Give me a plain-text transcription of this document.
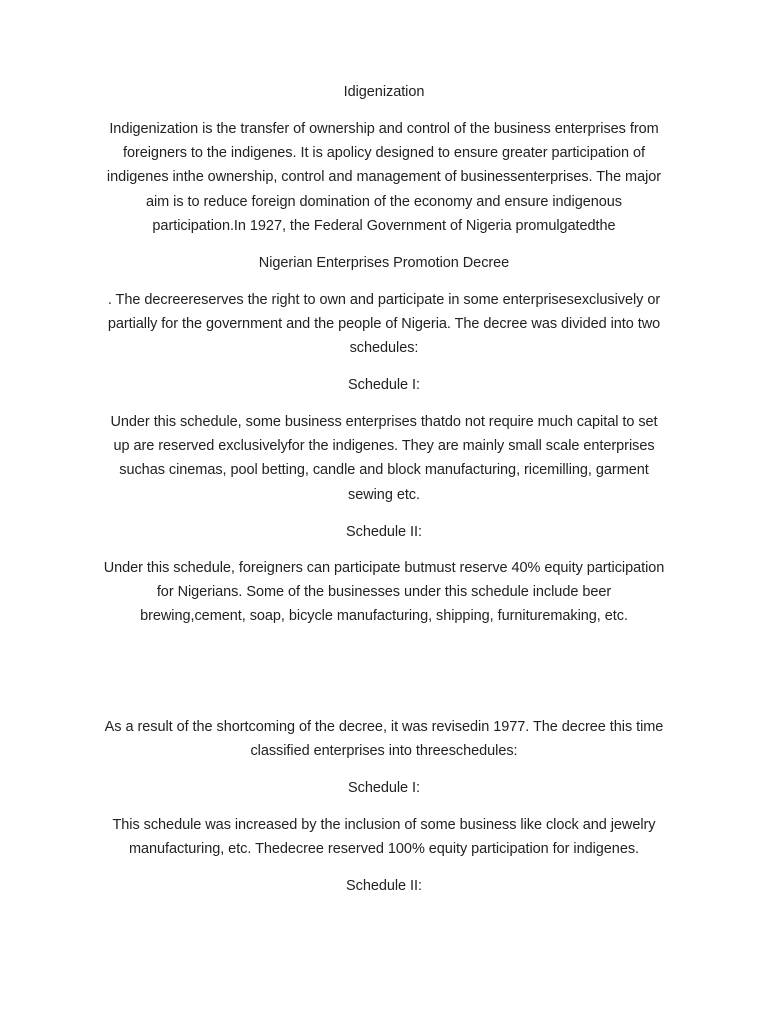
Idigenization

Indigenization is the transfer of ownership and control of the business enterprises from
foreigners to the indigenes. It is apolicy designed to ensure greater participation of
indigenes inthe ownership, control and management of businessenterprises. The major
aim is to reduce foreign domination of the economy and ensure indigenous
participation.In 1927, the Federal Government of Nigeria promulgatedthe

Nigerian Enterprises Promotion Decree

. The decreereserves the right to own and participate in some enterprisesexclusively or
partially for the government and the people of Nigeria. The decree was divided into two
schedules:

Schedule I:

Under this schedule, some business enterprises thatdo not require much capital to set
up are reserved exclusivelyfor the indigenes. They are mainly small scale enterprises
suchas cinemas, pool betting, candle and block manufacturing, ricemilling, garment
sewing etc.

Schedule II:

Under this schedule, foreigners can participate butmust reserve 40% equity participation
for Nigerians. Some of the businesses under this schedule include beer
brewing,cement, soap, bicycle manufacturing, shipping, furnituremaking, etc.

As a result of the shortcoming of the decree, it was revisedin 1977. The decree this time
classified enterprises into threeschedules:

Schedule I:

This schedule was increased by the inclusion of some business like clock and jewelry
manufacturing, etc. Thedecree reserved 100% equity participation for indigenes.

Schedule II:
